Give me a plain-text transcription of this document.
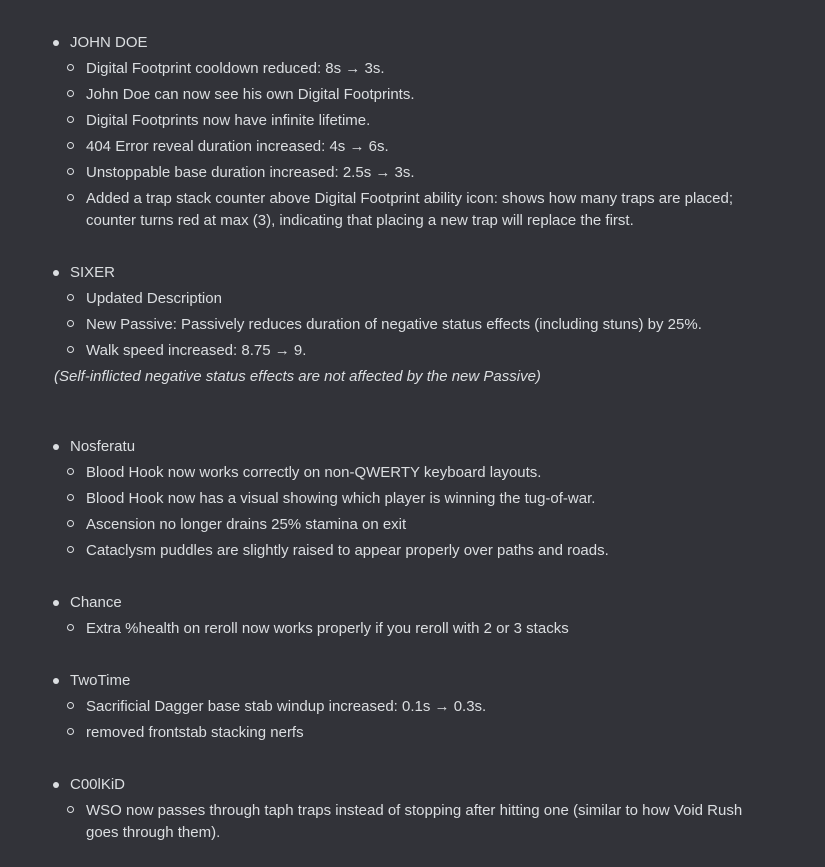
JOHN DOE
Digital Footprint cooldown reduced: 8s → 3s.
John Doe can now see his own Digital Footprints.
Digital Footprints now have infinite lifetime.
404 Error reveal duration increased: 4s → 6s.
Unstoppable base duration increased: 2.5s → 3s.
Added a trap stack counter above Digital Footprint ability icon: shows how many traps are placed; counter turns red at max (3), indicating that placing a new trap will replace the first.
SIXER
Updated Description
New Passive: Passively reduces duration of negative status effects (including stuns) by 25%.
Walk speed increased: 8.75 → 9.
(Self-inflicted negative status effects are not affected by the new Passive)
Nosferatu
Blood Hook now works correctly on non-QWERTY keyboard layouts.
Blood Hook now has a visual showing which player is winning the tug-of-war.
Ascension no longer drains 25% stamina on exit
Cataclysm puddles are slightly raised to appear properly over paths and roads.
Chance
Extra %health on reroll now works properly if you reroll with 2 or 3 stacks
TwoTime
Sacrificial Dagger base stab windup increased: 0.1s → 0.3s.
removed frontstab stacking nerfs
C00lKiD
WSO now passes through taph traps instead of stopping after hitting one (similar to how Void Rush goes through them).
